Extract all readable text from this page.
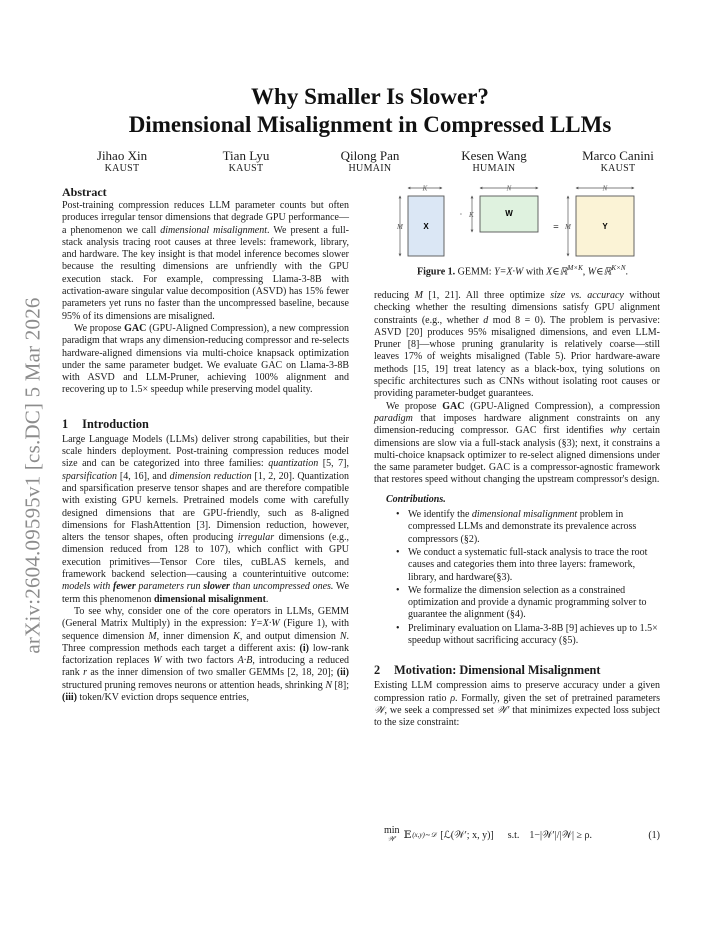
arXiv:2604.09595v1 [cs.DC] 5 Mar 2026
Why Smaller Is Slower?
Dimensional Misalignment in Compressed LLMs
Jihao Xin
KAUST
Tian Lyu
KAUST
Qilong Pan
HUMAIN
Kesen Wang
HUMAIN
Marco Canini
KAUST
Abstract

Post-training compression reduces LLM parameter counts but often produces irregular tensor dimensions that degrade GPU performance—a phenomenon we call dimensional misalignment. We present a full-stack analysis tracing root causes at three levels: framework, library, and hardware. The key insight is that model inference becomes slower because the resulting dimensions are unfriendly with the GPU execution stack. For example, compressing Llama-3-8B with activation-aware singular value decomposition (ASVD) has 15% fewer parameters yet runs no faster than the uncompressed baseline, because 95% of its dimensions are misaligned.

We propose GAC (GPU-Aligned Compression), a new compression paradigm that wraps any dimension-reducing compressor and re-selects hardware-aligned dimensions via multi-choice knapsack optimization under the same parameter budget. We evaluate GAC on Llama-3-8B with ASVD and LLM-Pruner, achieving 100% alignment and recovering up to 1.5× speedup while preserving model quality.

1 Introduction

Large Language Models (LLMs) deliver strong capabilities, but their scale hinders deployment. Post-training compression reduces model size and can be categorized into three families: quantization [5, 7], sparsification [4, 16], and dimension reduction [1, 2, 20]. Quantization and sparsification preserve tensor shapes and are therefore compatible with existing GPU kernels. Pretrained models come with carefully designed dimensions that are GPU-friendly, such as 8-aligned dimensions for FlashAttention [3]. Dimension reduction, however, alters the tensor shapes, often producing irregular dimensions (e.g., dimension reduced from 128 to 107), which conflict with GPU execution primitives—Tensor Core tiles, cuBLAS kernels, and framework backend selection—causing a counterintuitive outcome: models with fewer parameters run slower than uncompressed ones. We term this phenomenon dimensional misalignment.

To see why, consider one of the core operators in LLMs, GEMM (General Matrix Multiply) in the expression: Y=X·W (Figure 1), with sequence dimension M, inner dimension K, and output dimension N. Three compression methods each target a different axis: (i) low-rank factorization replaces W with two factors A·B, introducing a reduced rank r as the inner dimension of two smaller GEMMs [2, 18, 20]; (ii) structured pruning removes neurons or attention heads, shrinking N [8]; (iii) token/KV eviction drops sequence entries,

K
M	X
·
N
K	W
=
N
M	Y
Figure 1. GEMM: Y=X·W with X∈ℝ$^{M\times K}$, W∈ℝ$^{K\times N}$.

reducing M [1, 21]. All three optimize size vs. accuracy without checking whether the resulting dimensions satisfy GPU alignment constraints (e.g., whether d mod 8 = 0). The problem is pervasive: ASVD [20] produces 95% misaligned dimensions, and even LLM-Pruner [8]—whose pruning granularity is relatively coarse—still leaves 17% of weights misaligned (Table 5). Prior hardware-aware methods [15, 19] treat latency as a black-box, tying solutions on specific architectures such as CNNs without isolating root causes or providing parameter-budget guarantees.

We propose GAC (GPU-Aligned Compression), a compression paradigm that imposes hardware alignment constraints on any dimension-reducing compressor. GAC first identifies why certain dimensions are slow via a full-stack analysis (§3); next, it constrains a multi-choice knapsack optimizer to re-select aligned dimensions under the same parameter budget. GAC is a compressor-agnostic framework that restores speed without changing the upstream compressor's design.

Contributions.
• We identify the dimensional misalignment problem in compressed LLMs and demonstrate its prevalence across compressors (§2).
• We conduct a systematic full-stack analysis to trace the root causes and categories them into three layers: framework, library, and hardware(§3).
• We formalize the dimension selection as a constrained optimization and provide a dynamic programming solver to guarantee the alignment (§4).
• Preliminary evaluation on Llama-3-8B [9] achieves up to 1.5× speedup without sacrificing accuracy (§5).
2 Motivation: Dimensional Misalignment

Existing LLM compression aims to preserve accuracy under a given compression ratio ρ. Formally, given the set of pretrained parameters 𝒲, we seek a compressed set 𝒲′ that minimizes expected loss subject to the size constraint:

min
𝒲′ 𝔼 (x,y)∼𝒟 [ℒ(𝒲′; x, y)] s.t. 1−|𝒲′|/|𝒲| ≥ ρ.	(1)
